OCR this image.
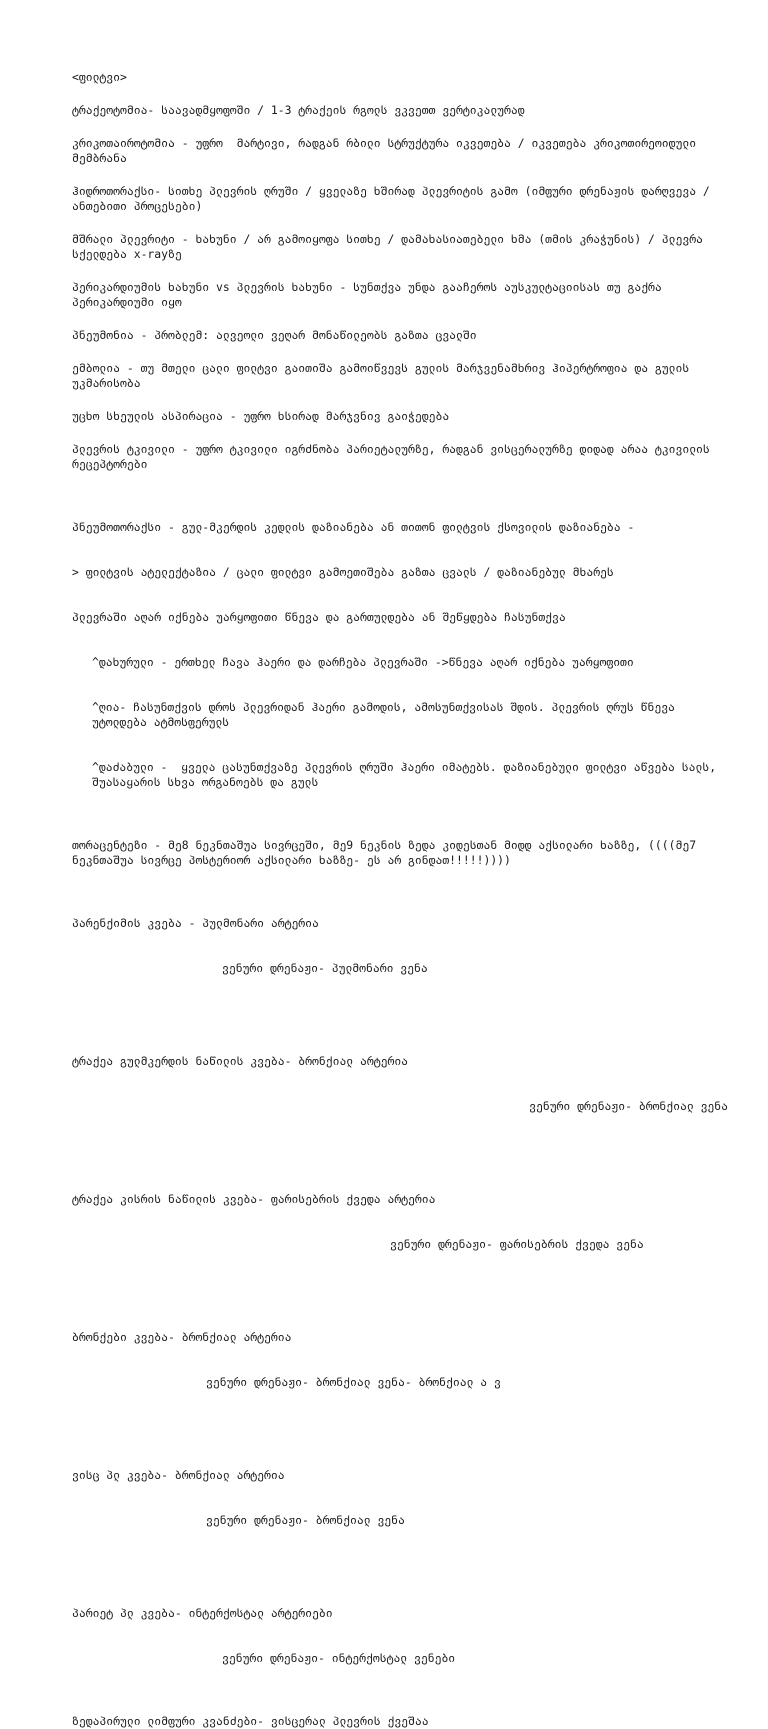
<ფილტვი>
ტრაქეოტომია- საავადმყოფოში / 1-3 ტრაქეის რგოლს ვკვეთთ ვერტიკალურად
კრიკოთაიროტომია - უფრო  მარტივი, რადგან რბილი სტრუქტურა იკვეთება / იკვეთება კრიკოთირეოიდული მემბრანა
ჰიდროთორაქსი- სითხე პლევრის ღრუში / ყველაზე ხშირად პლევრიტის გამო (იმფური დრენაჟის დარღვევა / ანთებითი პროცესები)
მშრალი პლევრიტი - ხახუნი / არ გამოიყოფა სითხე / დამახასიათებელი ხმა (თმის კრაჭუნის) / პლევრა სქელდება x-rayზე
პერიკარდიუმის ხახუნი vs პლევრის ხახუნი - სუნთქვა უნდა გააჩეროს აუსკულტაციისას თუ გაქრა პერიკარდიუმი იყო
პნეუმონია - პრობლემ: ალვეოლი ვეღარ მონაწილეობს გაზთა ცვალში
ემბოლია - თუ მთელი ცალი ფილტვი გაითიშა გამოიწვევს გულის მარჯვენამხრივ ჰიპერტროფია და გულის უკმარისობა
უცხო სხეულის ასპირაცია - უფრო ხსირად მარჯვნივ გაიჭედება
პლევრის ტკივილი - უფრო ტკივილი იგრძნობა პარიეტალურზე, რადგან ვისცერალურზე დიდად არაა ტკივილის რეცეპტორები

პნეუმოთორაქსი - გულ-მკერდის კედლის დაზიანება ან თითონ ფილტვის ქსოვილის დაზიანება -

> ფილტვის ატელექტაზია / ცალი ფილტვი გამოეთიშება გაზთა ცვალს / დაზიანებულ მხარეს

პლევრაში აღარ იქნება უარყოფითი წნევა და გართულდება ან შეწყდება ჩასუნთქვა

^დახურული - ერთხელ ჩავა ჰაერი და დარჩება პლევრაში ->წნევა აღარ იქნება უარყოფითი

^ღია- ჩასუნთქვის დროს პლევრიდან ჰაერი გამოდის, ამოსუნთქვისას შდის. პლევრის ღრუს წნევა უტოლდება ატმოსფერულს

^დაძაბული -  ყველა ცასუნთქვაზე პლევრის ღრუში ჰაერი იმატებს. დაზიანებული ფილტვი აწვება სალს, შუასაყარის სხვა ორგანოებს და გულს

თორაცენტეზი - მე8 ნეკნთაშუა სივრცეში, მე9 ნეკნის ზედა კიდესთან მიდდ აქსილარი ხაზზე, ((((მე7 ნეკნთაშუა სივრცე პოსტერიორ აქსილარი ხაზზე- ეს არ გინდათ!!!!!))))

პარენქიმის კვება - პულმონარი არტერია

ვენური დრენაჟი- პულმონარი ვენა

ტრაქეა გულმკერდის ნაწილის კვება- ბრონქიალ არტერია

ვენური დრენაჟი- ბრონქიალ ვენა

ტრაქეა კისრის ნაწილის კვება- ფარისებრის ქვედა არტერია

ვენური დრენაჟი- ფარისებრის ქვედა ვენა

ბრონქები კვება- ბრონქიალ არტერია

ვენური დრენაჟი- ბრონქიალ ვენა- ბრონქიალ ა ვ

ვისც პლ კვება- ბრონქიალ არტერია

ვენური დრენაჟი- ბრონქიალ ვენა

პარიეტ პლ კვება- ინტერქოსტალ არტერიები

ვენური დრენაჟი- ინტერქოსტალ ვენები

ზედაპირული ლიმფური კვანძები- ვისცერალ პლევრის ქვეშაა
